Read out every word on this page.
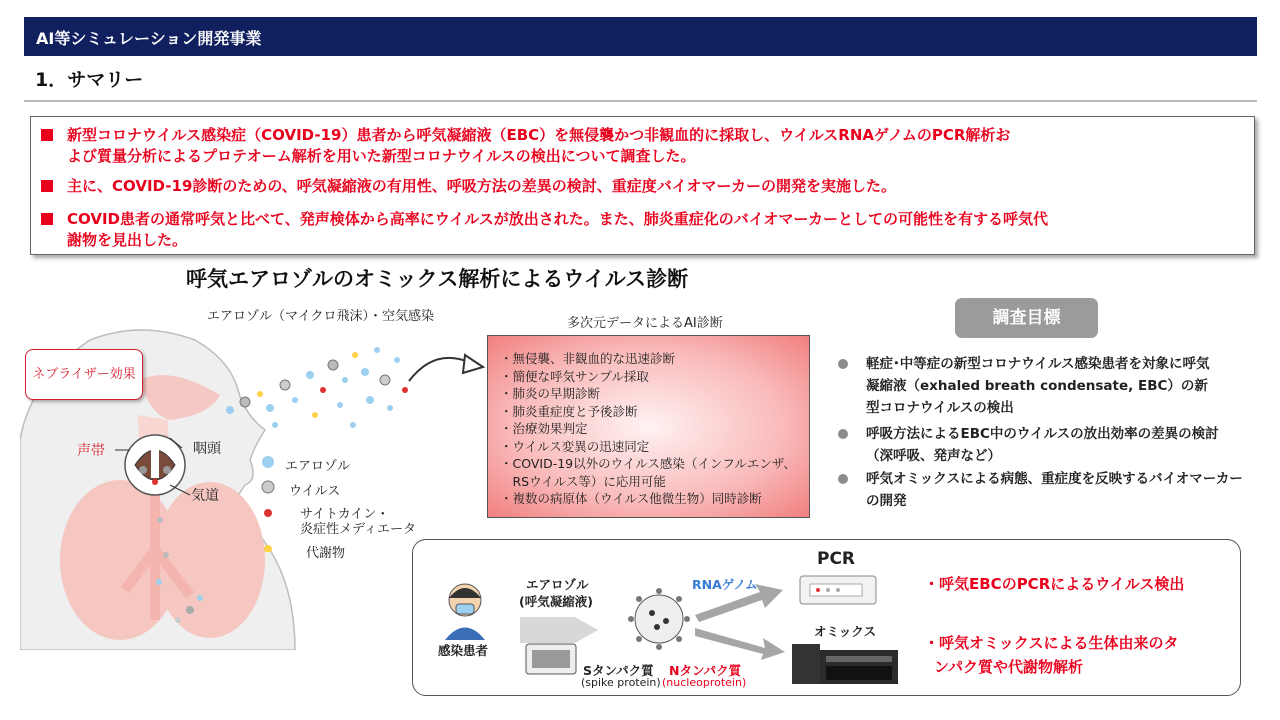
AI等シミュレーション開発事業
1．サマリー
新型コロナウイルス感染症（COVID-19）患者から呼気凝縮液（EBC）を無侵襲かつ非観血的に採取し、ウイルスRNAゲノムのPCR解析お
よび質量分析によるプロテオーム解析を用いた新型コロナウイルスの検出について調査した。
主に、COVID-19診断のための、呼気凝縮液の有用性、呼吸方法の差異の検討、重症度バイオマーカーの開発を実施した。
COVID患者の通常呼気と比べて、発声検体から高率にウイルスが放出された。また、肺炎重症化のバイオマーカーとしての可能性を有する呼気代
謝物を見出した。
呼気エアロゾルのオミックス解析によるウイルス診断
エアロゾル（マイクロ飛沫）・空気感染
ネブライザー効果
声帯	咽頭
気道
エアロゾル
ウイルス
サイトカイン・
炎症性メディエータ
代謝物
多次元データによるAI診断
・無侵襲、非観血的な迅速診断
・簡便な呼気サンプル採取
・肺炎の早期診断
・肺炎重症度と予後診断
・治療効果判定
・ウイルス変異の迅速同定
・COVID-19以外のウイルス感染（インフルエンザ、
　RSウイルス等）に応用可能
・複数の病原体（ウイルス他微生物）同時診断
調査目標
軽症･中等症の新型コロナウイルス感染患者を対象に呼気
凝縮液（exhaled breath condensate, EBC）の新
型コロナウイルスの検出
呼吸方法によるEBC中のウイルスの放出効率の差異の検討
（深呼吸、発声など）
呼気オミックスによる病態、重症度を反映するバイオマーカー
の開発
感染患者
エアロゾル
(呼気凝縮液)
RNAゲノム
Sタンパク質
(spike protein)
Nタンパク質
(nucleoprotein)
PCR
オミックス
・呼気EBCのPCRによるウイルス検出
・呼気オミックスによる生体由来のタ
ンパク質や代謝物解析
